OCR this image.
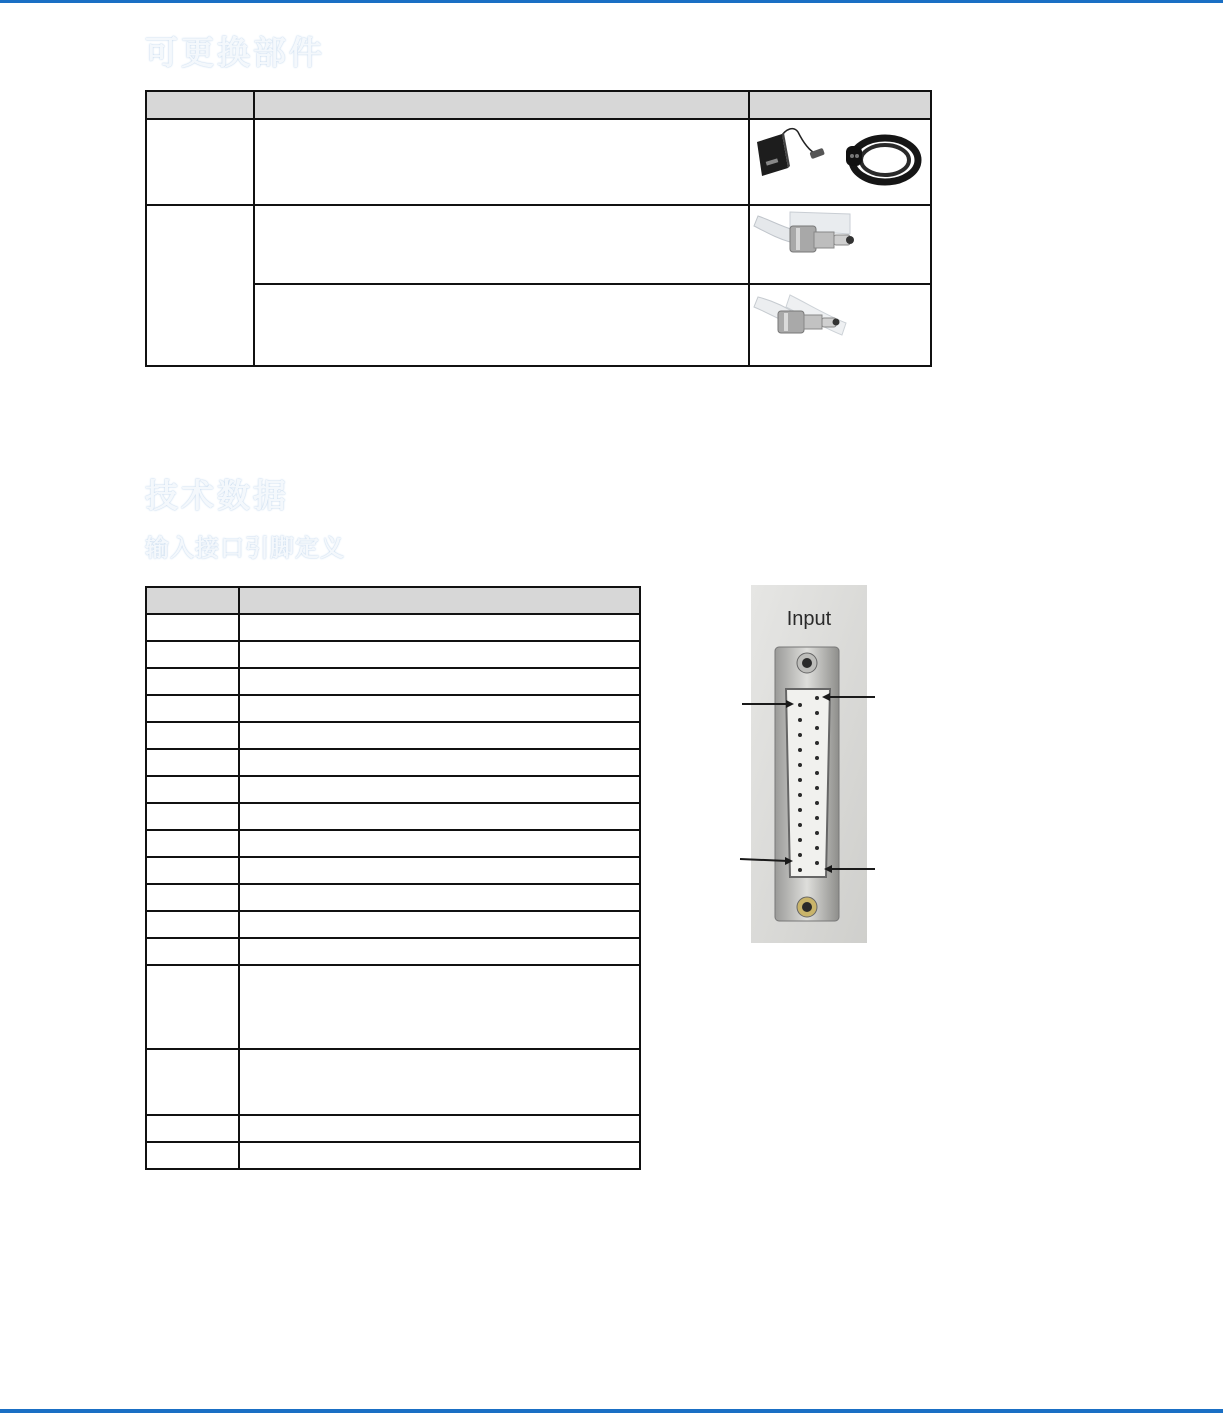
可更换部件

技术数据
输入接口引脚定义

Input
